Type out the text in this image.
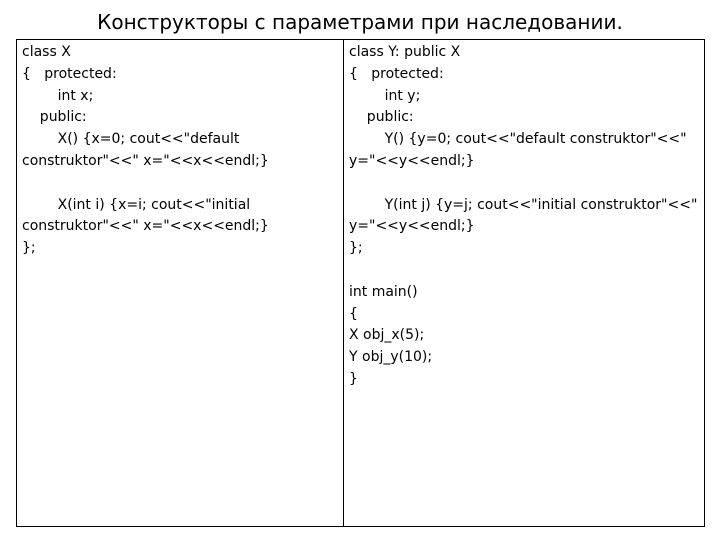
Конструкторы с параметрами при наследовании.
class X
{   protected:
int x;
public:
X() {x=0; cout<<"default
construktor"<<" x="<<x<<endl;}
X(int i) {x=i; cout<<"initial
construktor"<<" x="<<x<<endl;}
};
class Y: public X
{   protected:
int y;
public:
Y() {y=0; cout<<"default construktor"<<"
y="<<y<<endl;}
Y(int j) {y=j; cout<<"initial construktor"<<"
y="<<y<<endl;}
};
int main()
{
X obj_x(5);
Y obj_y(10);
}
